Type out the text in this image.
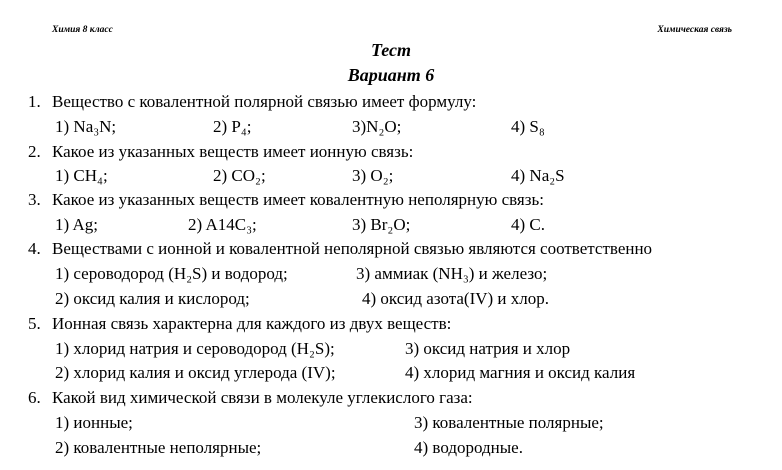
Химия 8 класс	Химическая связь
Тест
Вариант 6
1. Вещество с ковалентной полярной связью имеет формулу:
1) Na₃N;	2) P₄;	3)N₂O;	4) S₈
2. Какое из указанных веществ имеет ионную связь:
1) CH₄;	2) CO₂;	3) O₂;	4) Na₂S
3. Какое из указанных веществ имеет ковалентную неполярную связь:
1) Ag;	2) A14C₃;	3) Br₂O;	4) C.
4. Веществами с ионной и ковалентной неполярной связью являются соответственно
1) сероводород (H₂S) и водород;	3) аммиак (NH₃) и железо;
2) оксид калия и кислород;	4) оксид азота(IV) и хлор.
5. Ионная связь характерна для каждого из двух веществ:
1) хлорид натрия и сероводород (H₂S);	3) оксид натрия и хлор
2) хлорид калия и оксид углерода (IV);	4) хлорид магния и оксид калия
6. Какой вид химической связи в молекуле углекислого газа:
1) ионные;	3) ковалентные полярные;
2) ковалентные неполярные;	4) водородные.
